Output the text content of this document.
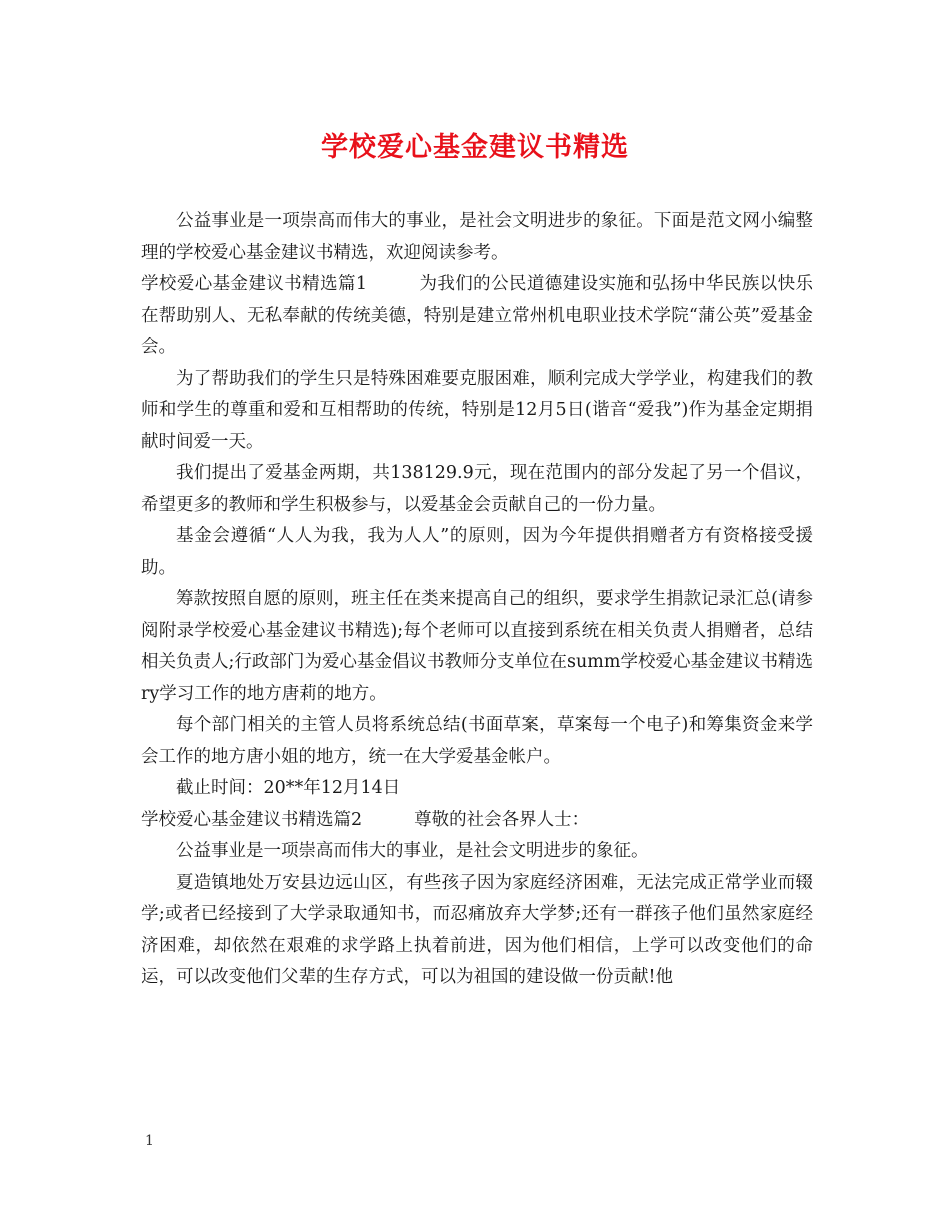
学校爱心基金建议书精选

公益事业是一项崇高而伟大的事业，是社会文明进步的象征。下面是范文网小编整理的学校爱心基金建议书精选，欢迎阅读参考。

学校爱心基金建议书精选篇1	为我们的公民道德建设实施和弘扬中华民族以快乐在帮助别人、无私奉献的传统美德，特别是建立常州机电职业技术学院“蒲公英”爱基金会。

为了帮助我们的学生只是特殊困难要克服困难，顺利完成大学学业，构建我们的教师和学生的尊重和爱和互相帮助的传统，特别是12月5日(谐音“爱我”)作为基金定期捐献时间爱一天。

我们提出了爱基金两期，共138129.9元，现在范围内的部分发起了另一个倡议，希望更多的教师和学生积极参与，以爱基金会贡献自己的一份力量。

基金会遵循“人人为我，我为人人”的原则，因为今年提供捐赠者方有资格接受援助。

筹款按照自愿的原则，班主任在类来提高自己的组织，要求学生捐款记录汇总(请参阅附录学校爱心基金建议书精选);每个老师可以直接到系统在相关负责人捐赠者，总结相关负责人;行政部门为爱心基金倡议书教师分支单位在summ学校爱心基金建议书精选ry学习工作的地方唐莉的地方。

每个部门相关的主管人员将系统总结(书面草案，草案每一个电子)和筹集资金来学会工作的地方唐小姐的地方，统一在大学爱基金帐户。

截止时间：20**年12月14日

学校爱心基金建议书精选篇2	尊敬的社会各界人士：

公益事业是一项崇高而伟大的事业，是社会文明进步的象征。

夏造镇地处万安县边远山区，有些孩子因为家庭经济困难，无法完成正常学业而辍学;或者已经接到了大学录取通知书，而忍痛放弃大学梦;还有一群孩子他们虽然家庭经济困难，却依然在艰难的求学路上执着前进，因为他们相信，上学可以改变他们的命运，可以改变他们父辈的生存方式，可以为祖国的建设做一份贡献!他

1
